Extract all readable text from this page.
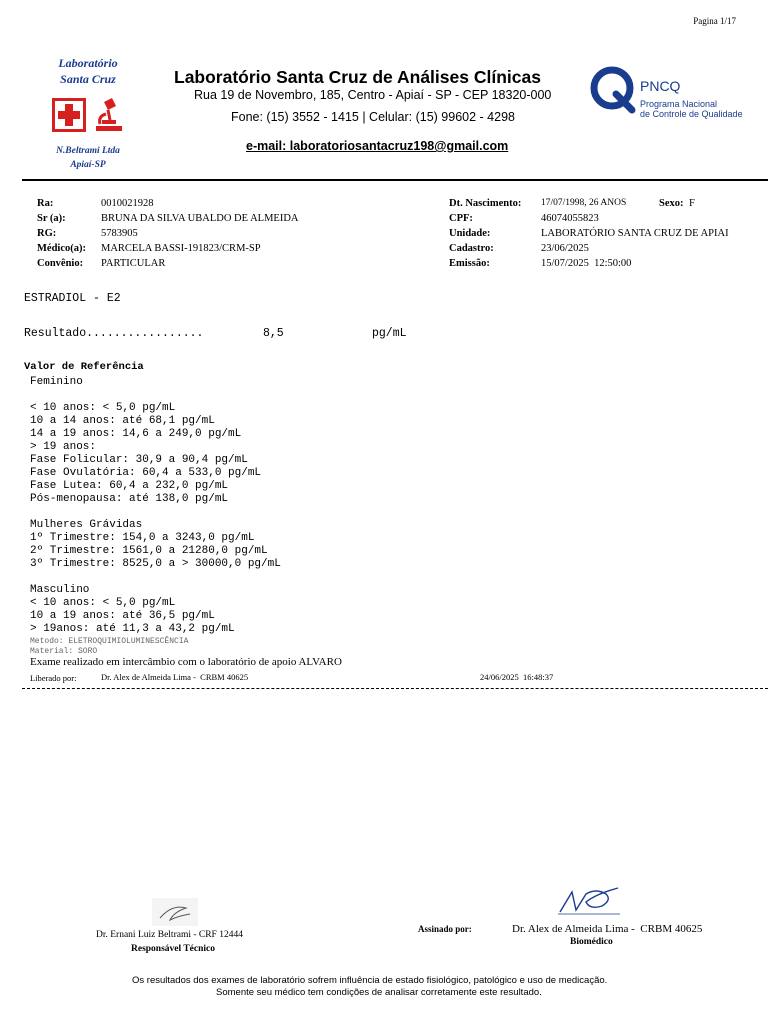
Pagina 1/17
Laboratório
Santa Cruz
N.Beltrami Ltda
Apiaí-SP
Laboratório Santa Cruz de Análises Clínicas
Rua 19 de Novembro, 185, Centro - Apiaí - SP - CEP 18320-000
Fone: (15) 3552 - 1415 | Celular: (15) 99602 - 4298
e-mail: laboratoriosantacruz198@gmail.com
PNCQ
Programa Nacional
de Controle de Qualidade
Ra:	0010021928
Sr (a):	BRUNA DA SILVA UBALDO DE ALMEIDA
RG:	5783905
Médico(a): MARCELA BASSI-191823/CRM-SP
Convênio: PARTICULAR
Dt. Nascimento: 17/07/1998, 26 ANOS	Sexo: F
CPF:	46074055823
Unidade:	LABORATÓRIO SANTA CRUZ DE APIAI
Cadastro:	23/06/2025
Emissão:	15/07/2025  12:50:00
ESTRADIOL - E2
Resultado.................	8,5	pg/mL
Valor de Referência
Feminino
< 10 anos: < 5,0 pg/mL
10 a 14 anos: até 68,1 pg/mL
14 a 19 anos: 14,6 a 249,0 pg/mL
> 19 anos:
Fase Folicular: 30,9 a 90,4 pg/mL
Fase Ovulatória: 60,4 a 533,0 pg/mL
Fase Lutea: 60,4 a 232,0 pg/mL
Pós-menopausa: até 138,0 pg/mL
Mulheres Grávidas
1º Trimestre: 154,0 a 3243,0 pg/mL
2º Trimestre: 1561,0 a 21280,0 pg/mL
3º Trimestre: 8525,0 a > 30000,0 pg/mL
Masculino
< 10 anos: < 5,0 pg/mL
10 a 19 anos: até 36,5 pg/mL
> 19anos: até 11,3 a 43,2 pg/mL
Metodo: ELETROQUIMIOLUMINESCÊNCIA
Material: SORO
Exame realizado em intercâmbio com o laboratório de apoio ALVARO
Liberado por:	Dr. Alex de Almeida Lima -  CRBM 40625	24/06/2025  16:48:37
Dr. Ernani Luiz Beltrami - CRF 12444
Responsável Técnico
Assinado por:	Dr. Alex de Almeida Lima -  CRBM 40625
Biomédico
Os resultados dos exames de laboratório sofrem influência de estado fisiológico, patológico e uso de medicação.
Somente seu médico tem condições de analisar corretamente este resultado.
